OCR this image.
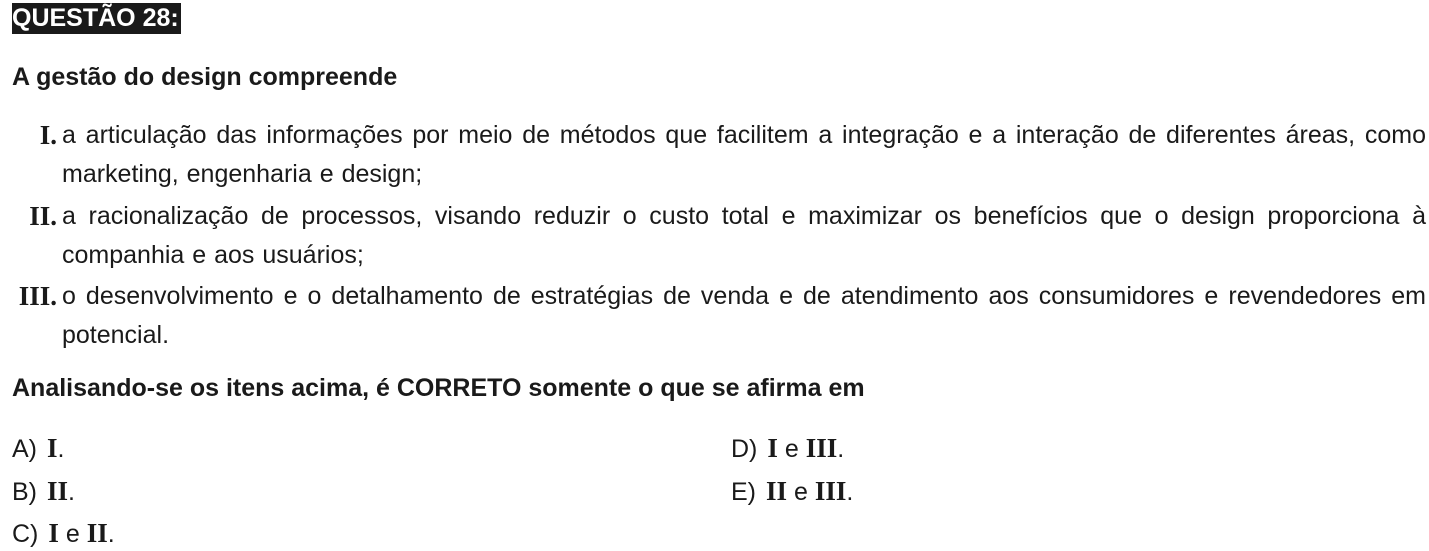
QUESTÃO 28:
A gestão do design compreende
I. a articulação das informações por meio de métodos que facilitem a integração e a interação de diferentes áreas, como marketing, engenharia e design;
II. a racionalização de processos, visando reduzir o custo total e maximizar os benefícios que o design proporciona à companhia e aos usuários;
III. o desenvolvimento e o detalhamento de estratégias de venda e de atendimento aos consumidores e revendedores em potencial.
Analisando-se os itens acima, é CORRETO somente o que se afirma em
A) I.
B) II.
C) I e II.
D) I e III.
E) II e III.
